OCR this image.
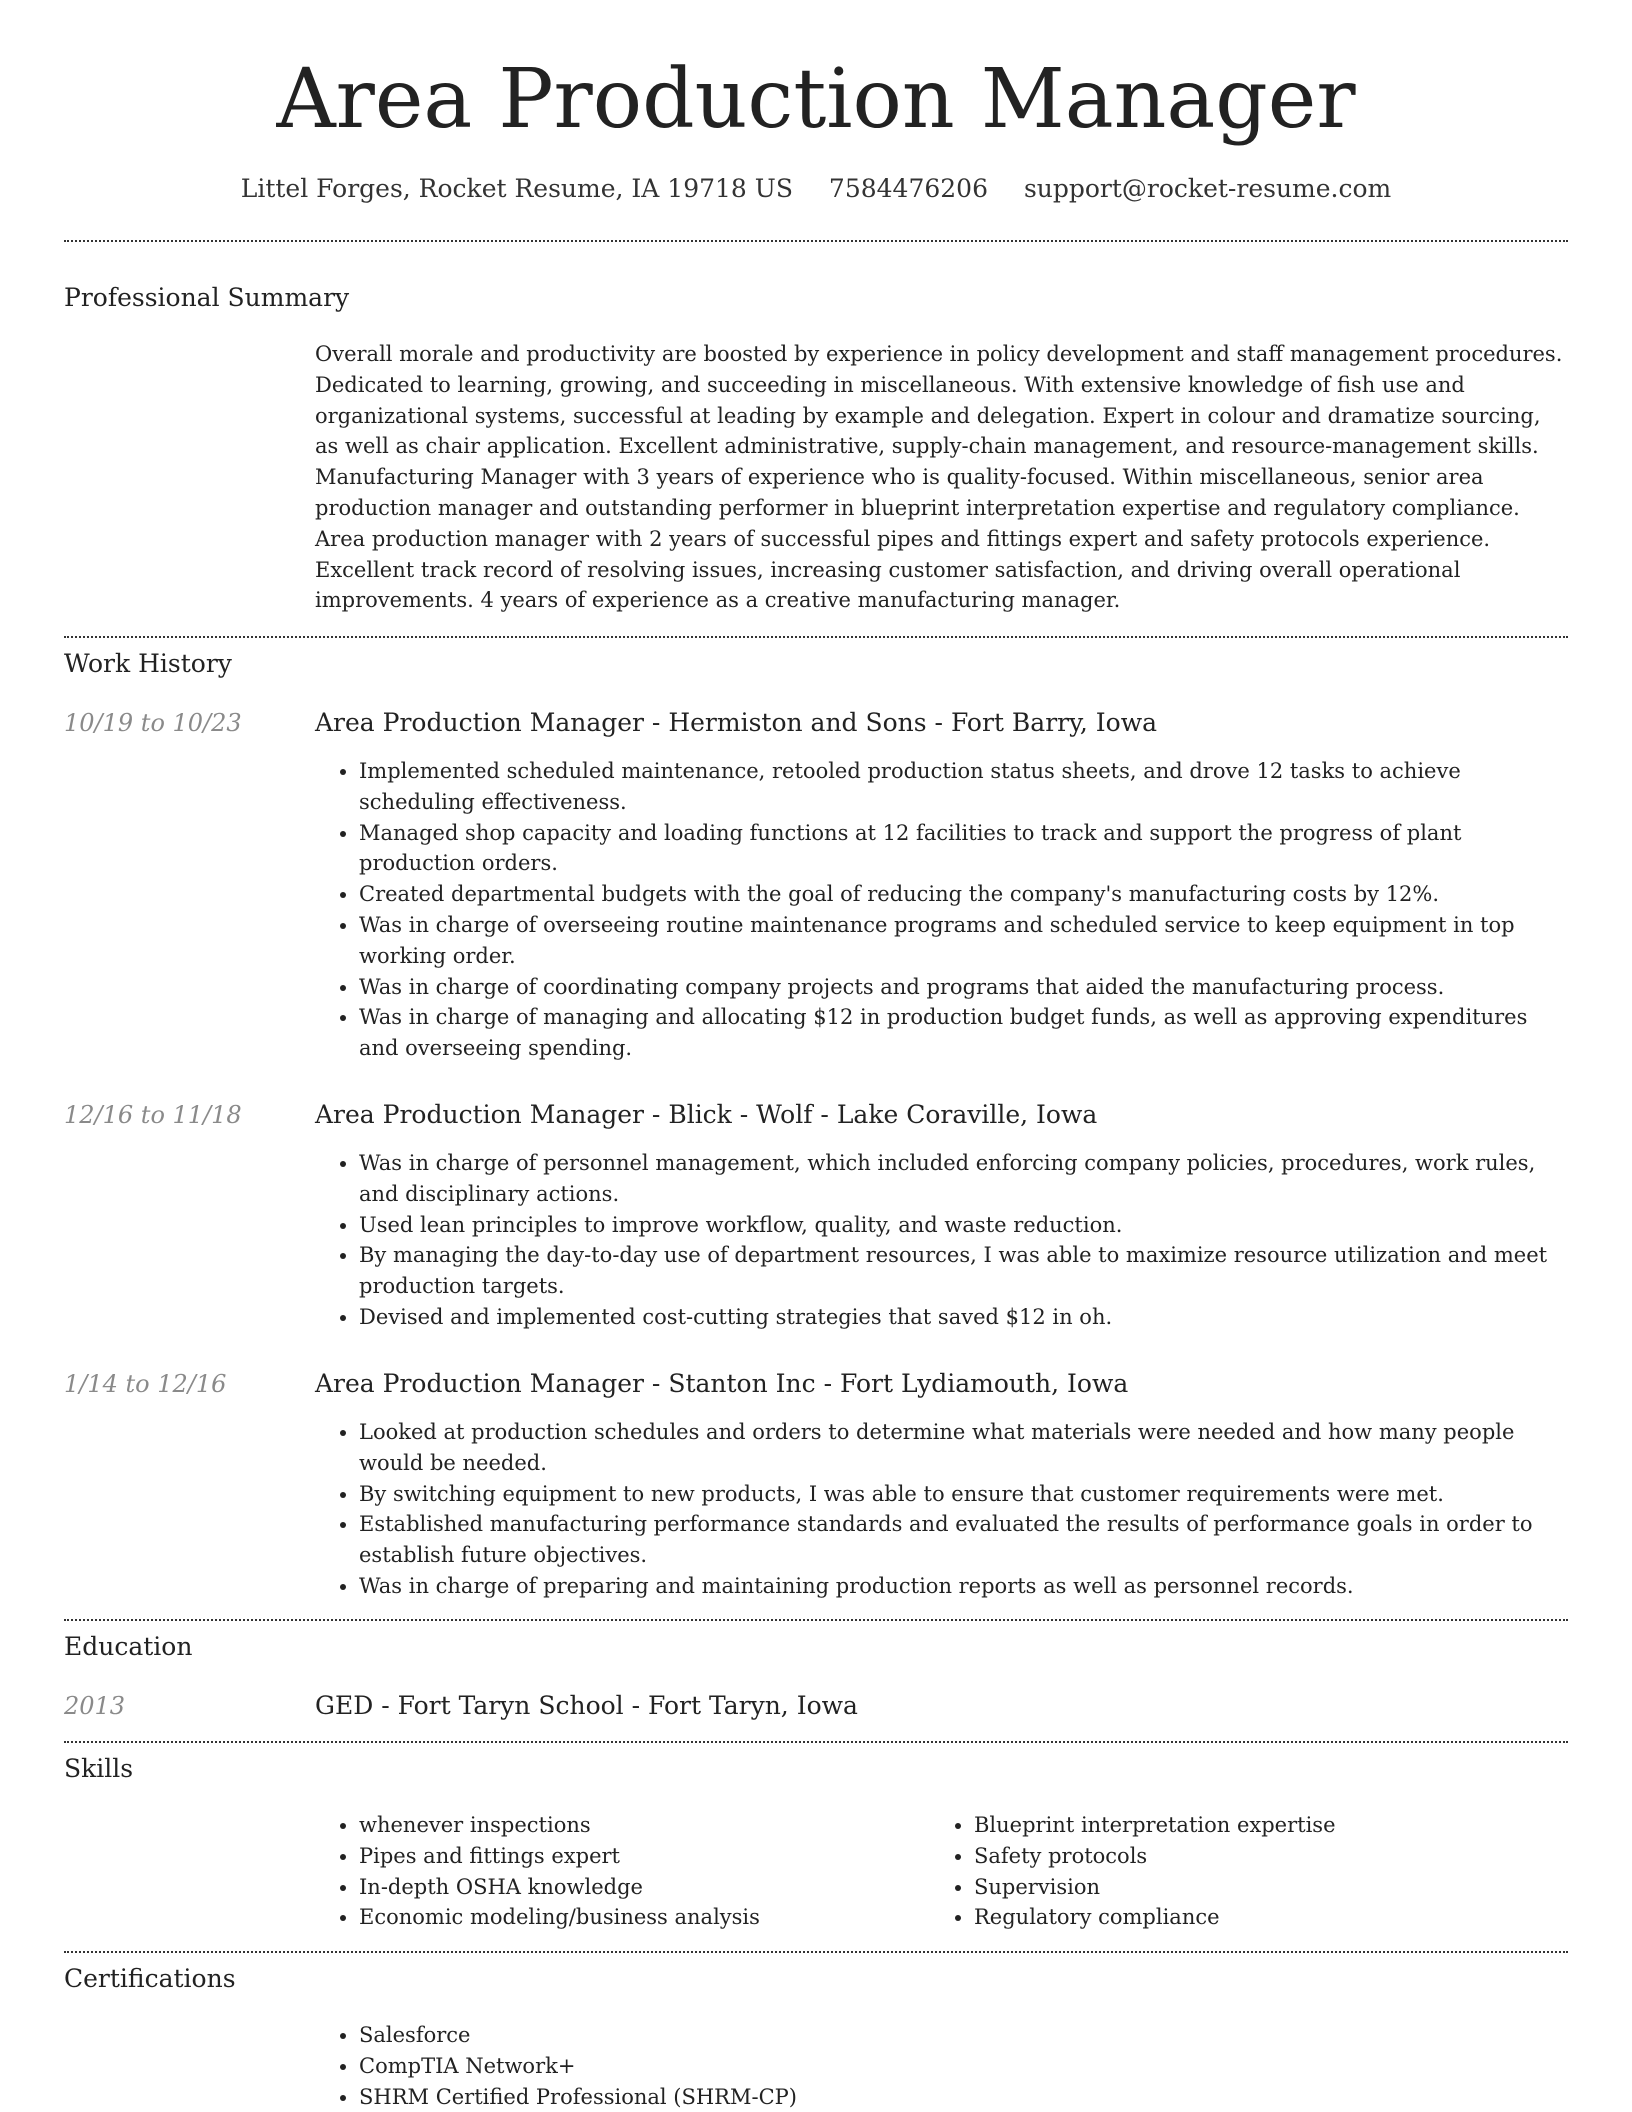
Area Production Manager
Littel Forges, Rocket Resume, IA 19718 US 7584476206 support@rocket-resume.com
Professional Summary
Overall morale and productivity are boosted by experience in policy development and staff management procedures. Dedicated to learning, growing, and succeeding in miscellaneous. With extensive knowledge of fish use and organizational systems, successful at leading by example and delegation. Expert in colour and dramatize sourcing, as well as chair application. Excellent administrative, supply-chain management, and resource-management skills. Manufacturing Manager with 3 years of experience who is quality-focused. Within miscellaneous, senior area production manager and outstanding performer in blueprint interpretation expertise and regulatory compliance. Area production manager with 2 years of successful pipes and fittings expert and safety protocols experience. Excellent track record of resolving issues, increasing customer satisfaction, and driving overall operational improvements. 4 years of experience as a creative manufacturing manager.
Work History
10/19 to 10/23	Area Production Manager - Hermiston and Sons - Fort Barry, Iowa
• Implemented scheduled maintenance, retooled production status sheets, and drove 12 tasks to achieve scheduling effectiveness.
• Managed shop capacity and loading functions at 12 facilities to track and support the progress of plant production orders.
• Created departmental budgets with the goal of reducing the company's manufacturing costs by 12%.
• Was in charge of overseeing routine maintenance programs and scheduled service to keep equipment in top working order.
• Was in charge of coordinating company projects and programs that aided the manufacturing process.
• Was in charge of managing and allocating $12 in production budget funds, as well as approving expenditures and overseeing spending.
12/16 to 11/18	Area Production Manager - Blick - Wolf - Lake Coraville, Iowa
• Was in charge of personnel management, which included enforcing company policies, procedures, work rules, and disciplinary actions.
• Used lean principles to improve workflow, quality, and waste reduction.
• By managing the day-to-day use of department resources, I was able to maximize resource utilization and meet production targets.
• Devised and implemented cost-cutting strategies that saved $12 in oh.
1/14 to 12/16	Area Production Manager - Stanton Inc - Fort Lydiamouth, Iowa
• Looked at production schedules and orders to determine what materials were needed and how many people would be needed.
• By switching equipment to new products, I was able to ensure that customer requirements were met.
• Established manufacturing performance standards and evaluated the results of performance goals in order to establish future objectives.
• Was in charge of preparing and maintaining production reports as well as personnel records.
Education
2013	GED - Fort Taryn School - Fort Taryn, Iowa
Skills
• whenever inspections
• Pipes and fittings expert
• In-depth OSHA knowledge
• Economic modeling/business analysis
• Blueprint interpretation expertise
• Safety protocols
• Supervision
• Regulatory compliance
Certifications
• Salesforce
• CompTIA Network+
• SHRM Certified Professional (SHRM-CP)
